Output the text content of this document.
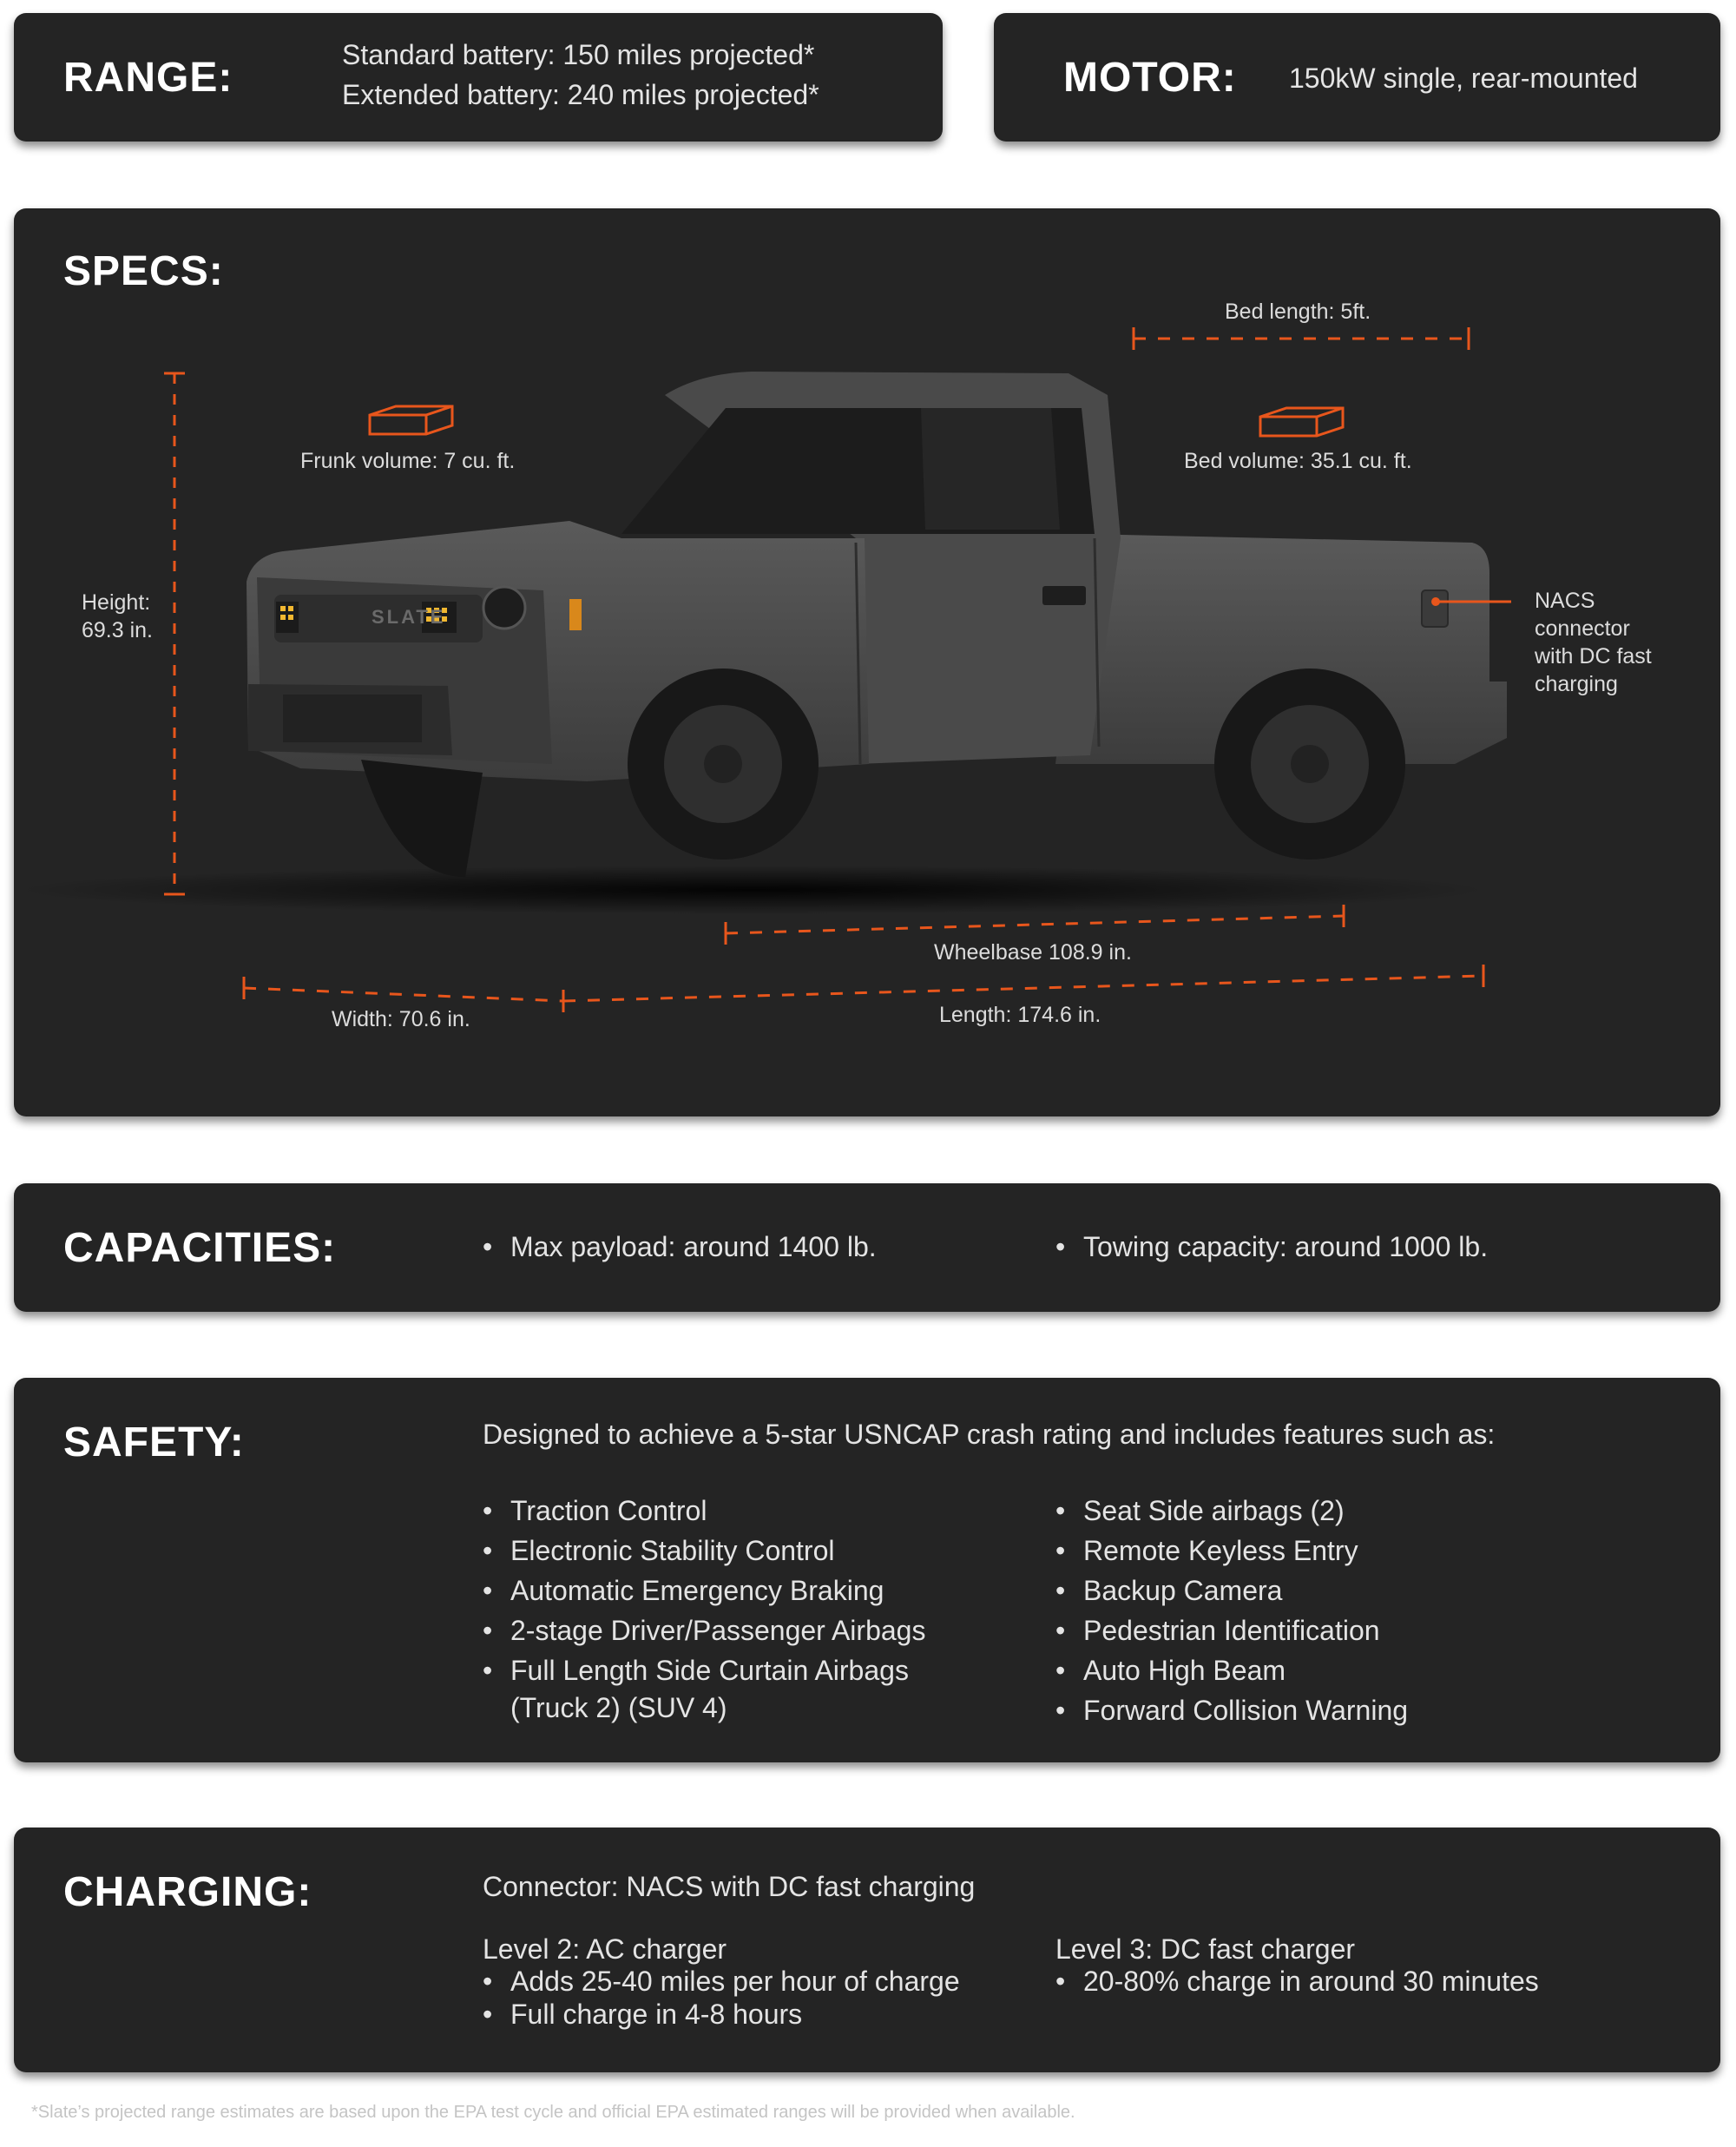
RANGE:	Standard battery: 150 miles projected*
Extended battery: 240 miles projected*	MOTOR: 150kW single, rear-mounted
SPECS:
SLATE
Bed length: 5ft.
Frunk volume: 7 cu. ft.	Bed volume: 35.1 cu. ft.
Height:
69.3 in.
NACS
connector
with DC fast
charging
Wheelbase 108.9 in.
Width: 70.6 in.	Length: 174.6 in.
CAPACITIES:	• Max payload: around 1400 lb.	• Towing capacity: around 1000 lb.
SAFETY:	Designed to achieve a 5-star USNCAP crash rating and includes features such as:
• Traction Control
• Electronic Stability Control
• Automatic Emergency Braking
• 2-stage Driver/Passenger Airbags
• Full Length Side Curtain Airbags
(Truck 2) (SUV 4)
• Seat Side airbags (2)
• Remote Keyless Entry
• Backup Camera
• Pedestrian Identification
• Auto High Beam
• Forward Collision Warning
CHARGING:	Connector: NACS with DC fast charging
Level 2: AC charger
• Adds 25-40 miles per hour of charge
• Full charge in 4-8 hours
Level 3: DC fast charger
• 20-80% charge in around 30 minutes
*Slate’s projected range estimates are based upon the EPA test cycle and official EPA estimated ranges will be provided when available.
